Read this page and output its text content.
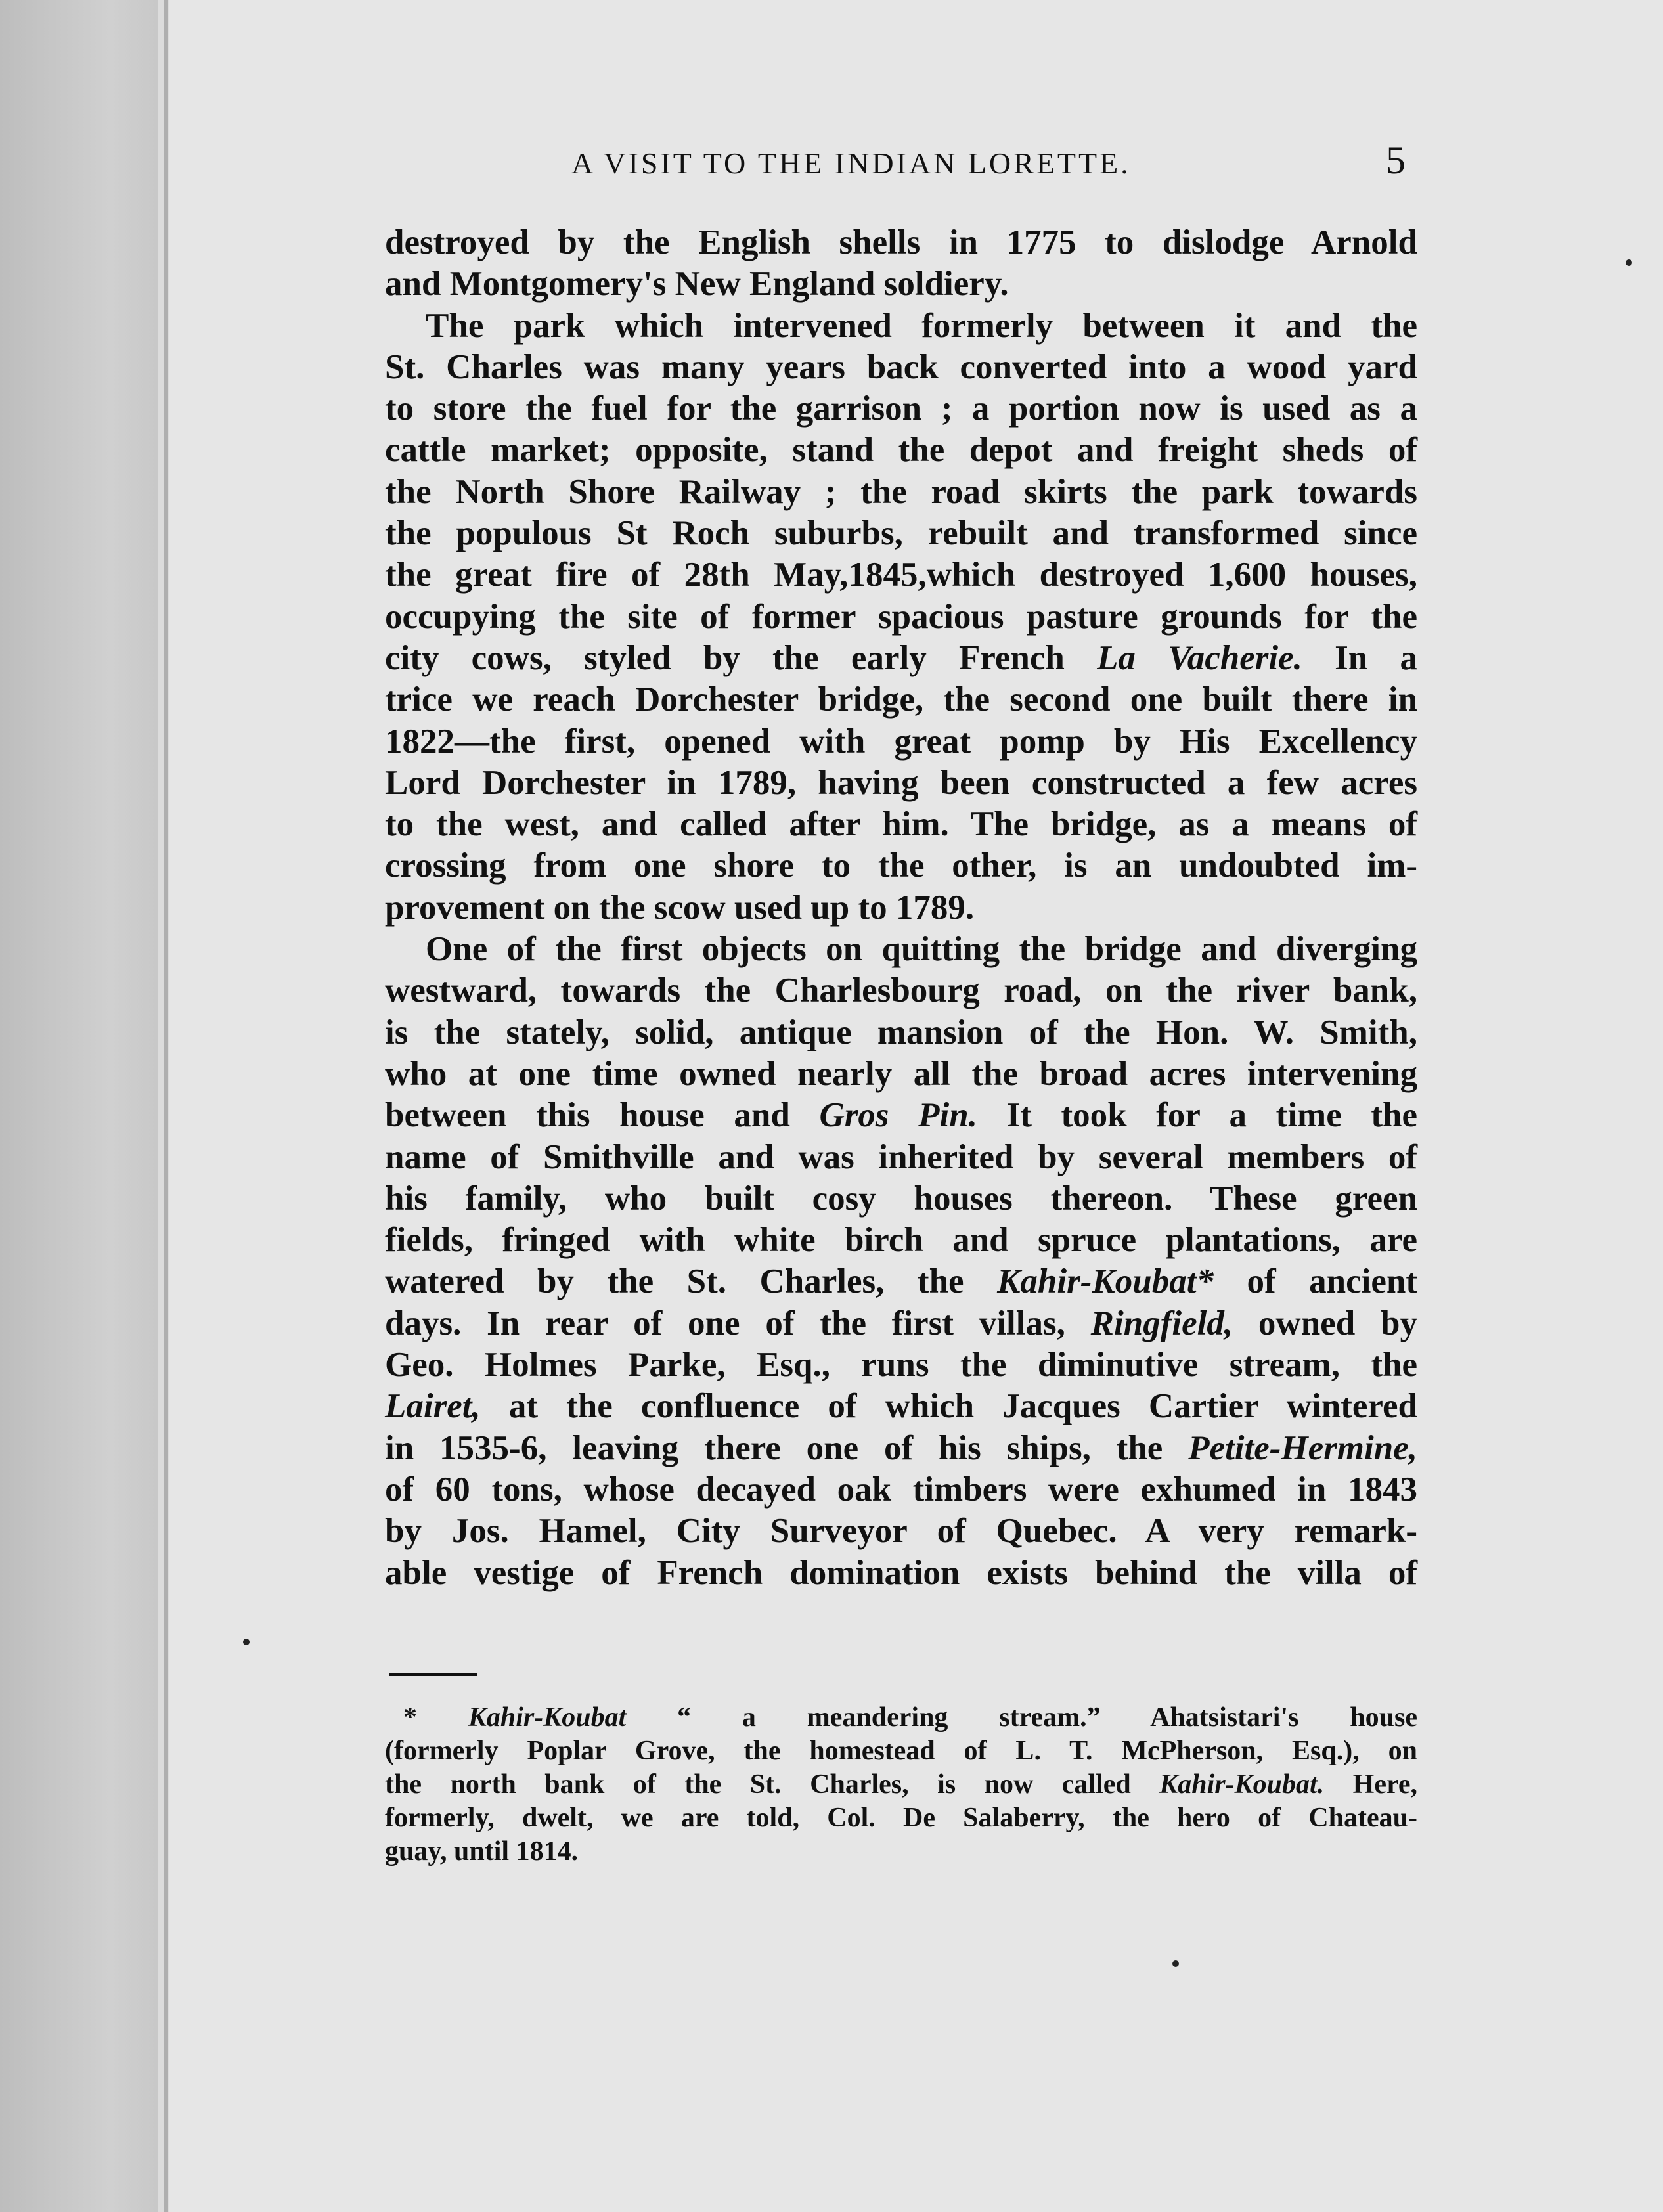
A VISIT TO THE INDIAN LORETTE.	5
destroyed by the English shells in 1775 to dislodge Arnold
and Montgomery's New England soldiery.
The park which intervened formerly between it and the
St. Charles was many years back converted into a wood yard
to store the fuel for the garrison ; a portion now is used as a
cattle market; opposite, stand the depot and freight sheds of
the North Shore Railway ; the road skirts the park towards
the populous St Roch suburbs, rebuilt and transformed since
the great fire of 28th May,1845,which destroyed 1,600 houses,
occupying the site of former spacious pasture grounds for the
city cows, styled by the early French La Vacherie. In a
trice we reach Dorchester bridge, the second one built there in
1822—the first, opened with great pomp by His Excellency
Lord Dorchester in 1789, having been constructed a few acres
to the west, and called after him. The bridge, as a means of
crossing from one shore to the other, is an undoubted im-
provement on the scow used up to 1789.
One of the first objects on quitting the bridge and diverging
westward, towards the Charlesbourg road, on the river bank,
is the stately, solid, antique mansion of the Hon. W. Smith,
who at one time owned nearly all the broad acres intervening
between this house and Gros Pin. It took for a time the
name of Smithville and was inherited by several members of
his family, who built cosy houses thereon. These green
fields, fringed with white birch and spruce plantations, are
watered by the St. Charles, the Kahir-Koubat* of ancient
days. In rear of one of the first villas, Ringfield, owned by
Geo. Holmes Parke, Esq., runs the diminutive stream, the
Lairet, at the confluence of which Jacques Cartier wintered
in 1535-6, leaving there one of his ships, the Petite-Hermine,
of 60 tons, whose decayed oak timbers were exhumed in 1843
by Jos. Hamel, City Surveyor of Quebec. A very remark-
able vestige of French domination exists behind the villa of
* Kahir-Koubat “ a meandering stream.” Ahatsistari's house
(formerly Poplar Grove, the homestead of L. T. McPherson, Esq.), on
the north bank of the St. Charles, is now called Kahir-Koubat. Here,
formerly, dwelt, we are told, Col. De Salaberry, the hero of Chateau-
guay, until 1814.
